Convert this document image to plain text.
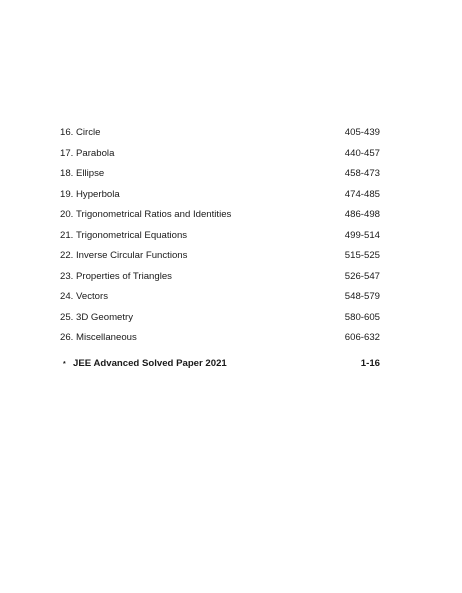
16. Circle	405-439
17. Parabola	440-457
18. Ellipse	458-473
19. Hyperbola	474-485
20. Trigonometrical Ratios and Identities	486-498
21. Trigonometrical Equations	499-514
22. Inverse Circular Functions	515-525
23. Properties of Triangles	526-547
24. Vectors	548-579
25. 3D Geometry	580-605
26. Miscellaneous	606-632
* JEE Advanced Solved Paper 2021	1-16
